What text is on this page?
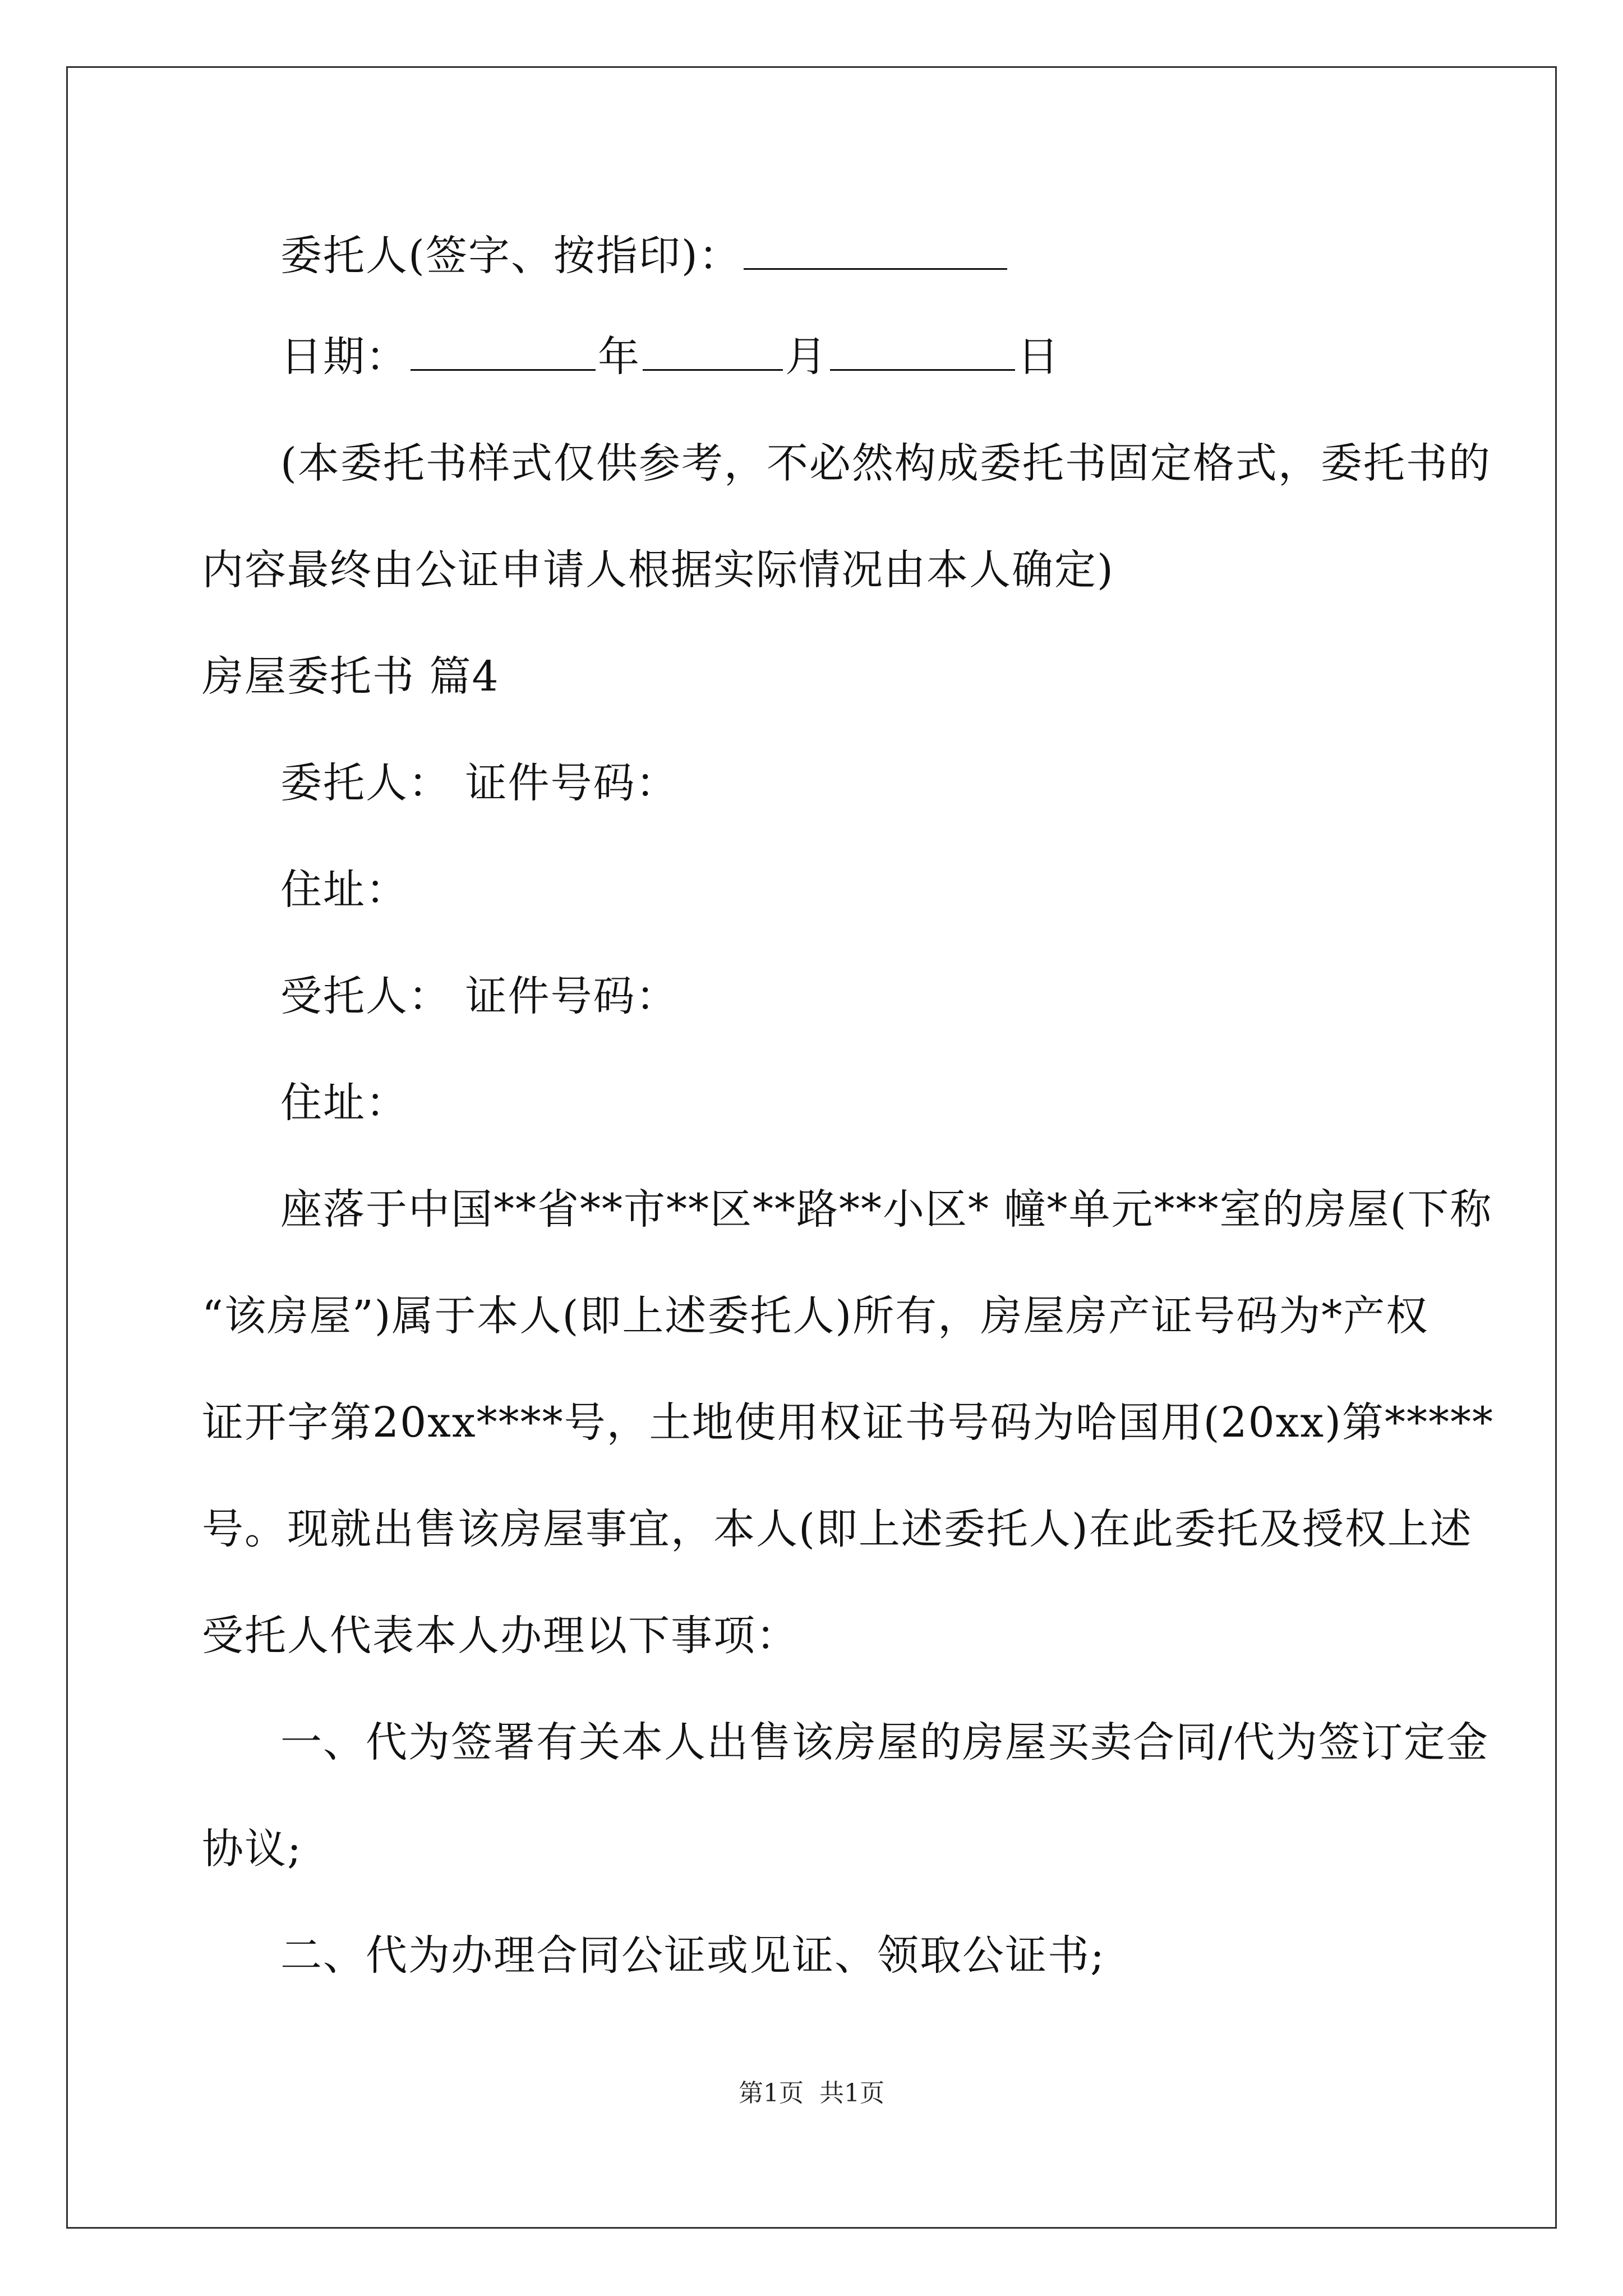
委托人(签字、按指印)：
日期：	年	月	日
(本委托书样式仅供参考，不必然构成委托书固定格式，委托书的
内容最终由公证申请人根据实际情况由本人确定)
房屋委托书 篇4
委托人： 证件号码：
住址：
受托人： 证件号码：
住址：
座落于中国**省**市**区**路**小区* 幢*单元***室的房屋(下称
“该房屋”)属于本人(即上述委托人)所有，房屋房产证号码为*产权
证开字第20xx****号，土地使用权证书号码为哈国用(20xx)第*****
号。现就出售该房屋事宜，本人(即上述委托人)在此委托及授权上述
受托人代表本人办理以下事项：
一、代为签署有关本人出售该房屋的房屋买卖合同/代为签订定金
协议;
二、代为办理合同公证或见证、领取公证书;
第1页 共1页
